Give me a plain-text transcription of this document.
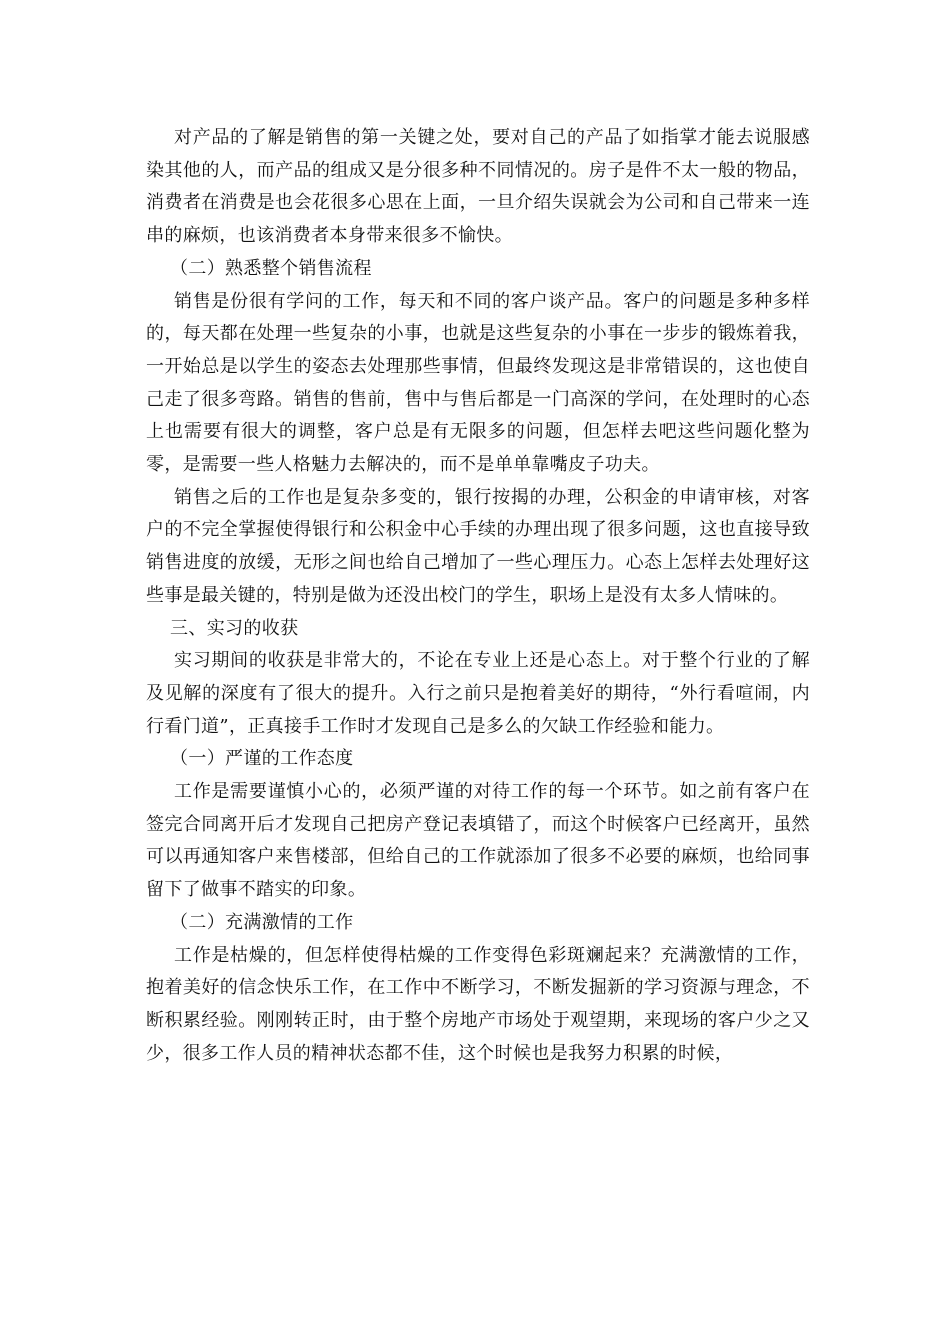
对产品的了解是销售的第一关键之处，要对自己的产品了如指掌才能去说服感染其他的人，而产品的组成又是分很多种不同情况的。房子是件不太一般的物品，消费者在消费是也会花很多心思在上面，一旦介绍失误就会为公司和自己带来一连串的麻烦，也该消费者本身带来很多不愉快。

（二）熟悉整个销售流程

销售是份很有学问的工作，每天和不同的客户谈产品。客户的问题是多种多样的，每天都在处理一些复杂的小事，也就是这些复杂的小事在一步步的锻炼着我，一开始总是以学生的姿态去处理那些事情，但最终发现这是非常错误的，这也使自己走了很多弯路。销售的售前，售中与售后都是一门高深的学问，在处理时的心态上也需要有很大的调整，客户总是有无限多的问题，但怎样去吧这些问题化整为零，是需要一些人格魅力去解决的，而不是单单靠嘴皮子功夫。

销售之后的工作也是复杂多变的，银行按揭的办理，公积金的申请审核，对客户的不完全掌握使得银行和公积金中心手续的办理出现了很多问题，这也直接导致销售进度的放缓，无形之间也给自己增加了一些心理压力。心态上怎样去处理好这些事是最关键的，特别是做为还没出校门的学生，职场上是没有太多人情味的。

三、实习的收获

实习期间的收获是非常大的，不论在专业上还是心态上。对于整个行业的了解及见解的深度有了很大的提升。入行之前只是抱着美好的期待，“外行看喧闹，内行看门道”，正真接手工作时才发现自己是多么的欠缺工作经验和能力。

（一）严谨的工作态度

工作是需要谨慎小心的，必须严谨的对待工作的每一个环节。如之前有客户在签完合同离开后才发现自己把房产登记表填错了，而这个时候客户已经离开，虽然可以再通知客户来售楼部，但给自己的工作就添加了很多不必要的麻烦，也给同事留下了做事不踏实的印象。

（二）充满激情的工作

工作是枯燥的，但怎样使得枯燥的工作变得色彩斑斓起来？充满激情的工作，抱着美好的信念快乐工作，在工作中不断学习，不断发掘新的学习资源与理念，不断积累经验。刚刚转正时，由于整个房地产市场处于观望期，来现场的客户少之又少，很多工作人员的精神状态都不佳，这个时候也是我努力积累的时候，
